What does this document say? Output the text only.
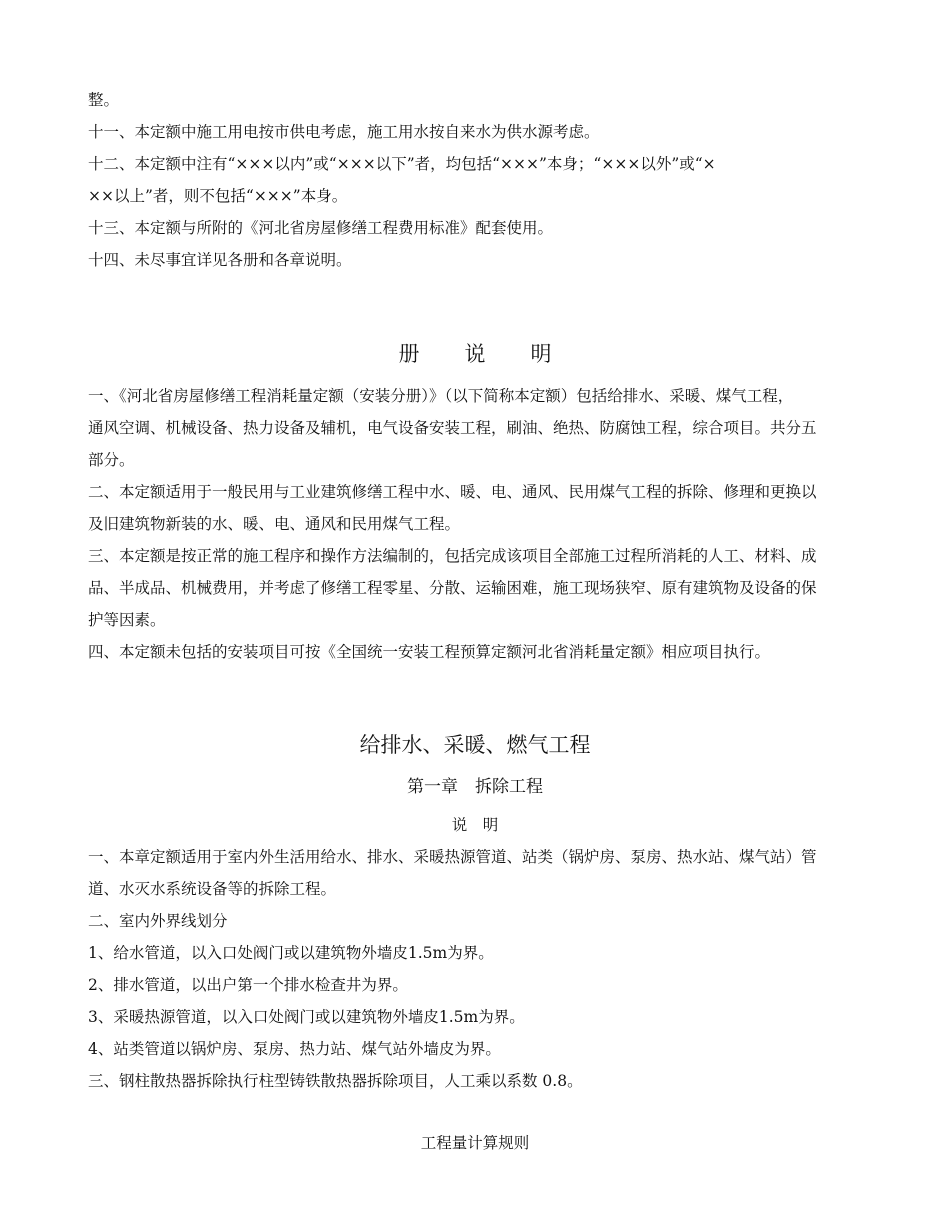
整。
十一、本定额中施工用电按市供电考虑，施工用水按自来水为供水源考虑。
十二、本定额中注有“×××以内”或“×××以下”者，均包括“×××”本身；“×××以外”或“×
××以上”者，则不包括“×××”本身。
十三、本定额与所附的《河北省房屋修缮工程费用标准》配套使用。
十四、未尽事宜详见各册和各章说明。
册 说 明
一、《河北省房屋修缮工程消耗量定额（安装分册）》（以下简称本定额）包括给排水、采暖、煤气工程，
通风空调、机械设备、热力设备及辅机，电气设备安装工程，刷油、绝热、防腐蚀工程，综合项目。共分五
部分。
二、本定额适用于一般民用与工业建筑修缮工程中水、暖、电、通风、民用煤气工程的拆除、修理和更换以
及旧建筑物新装的水、暖、电、通风和民用煤气工程。
三、本定额是按正常的施工程序和操作方法编制的，包括完成该项目全部施工过程所消耗的人工、材料、成
品、半成品、机械费用，并考虑了修缮工程零星、分散、运输困难，施工现场狭窄、原有建筑物及设备的保
护等因素。
四、本定额未包括的安装项目可按《全国统一安装工程预算定额河北省消耗量定额》相应项目执行。
给排水、采暖、燃气工程
第一章　拆除工程
说　明
一、本章定额适用于室内外生活用给水、排水、采暖热源管道、站类（锅炉房、泵房、热水站、煤气站）管
道、水灭水系统设备等的拆除工程。
二、室内外界线划分
1、给水管道，以入口处阀门或以建筑物外墙皮1.5m为界。
2、排水管道，以出户第一个排水检查井为界。
3、采暖热源管道，以入口处阀门或以建筑物外墙皮1.5m为界。
4、站类管道以锅炉房、泵房、热力站、煤气站外墙皮为界。
三、钢柱散热器拆除执行柱型铸铁散热器拆除项目，人工乘以系数 0.8。
工程量计算规则
